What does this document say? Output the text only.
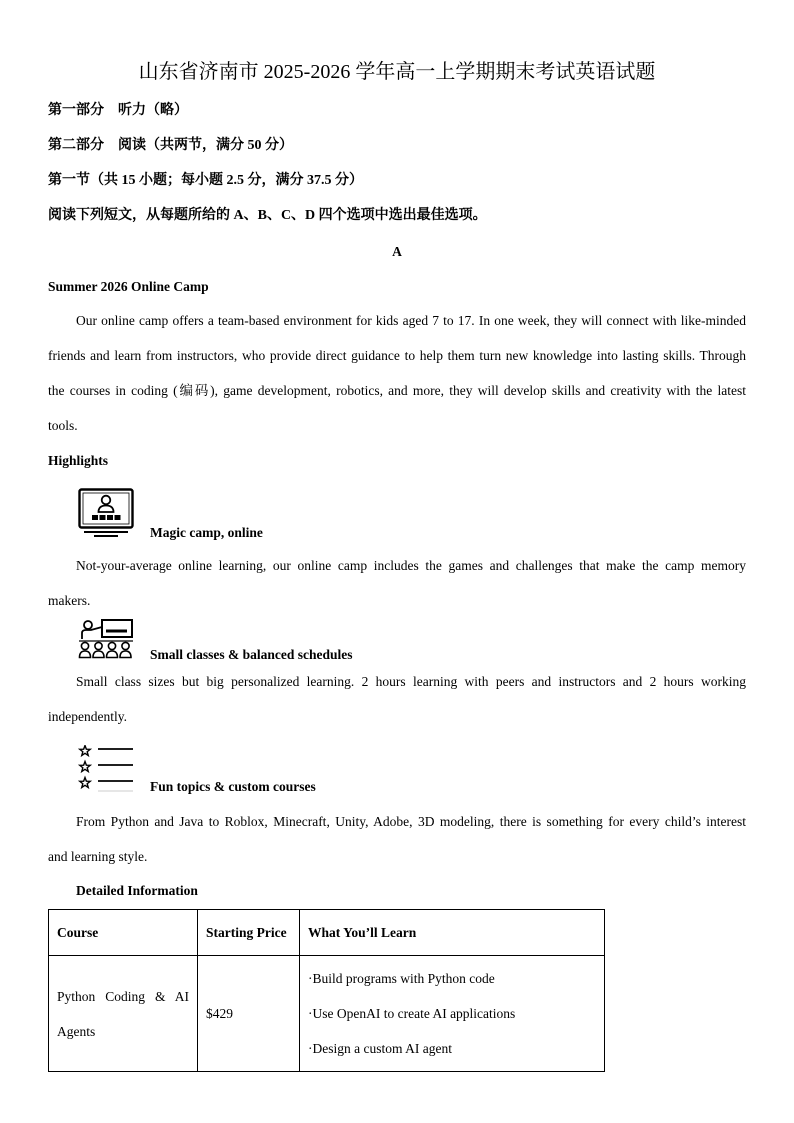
山东省济南市 2025-2026 学年高一上学期期末考试英语试题
第一部分　听力（略）
第二部分　阅读（共两节，满分 50 分）
第一节（共 15 小题；每小题 2.5 分，满分 37.5 分）
阅读下列短文，从每题所给的 A、B、C、D 四个选项中选出最佳选项。
A
Summer 2026 Online Camp
Our online camp offers a team-based environment for kids aged 7 to 17. In one week, they will connect with like-minded
friends and learn from instructors, who provide direct guidance to help them turn new knowledge into lasting skills. Through
the courses in coding (编码), game development, robotics, and more, they will develop skills and creativity with the latest
tools.
Highlights
Magic camp, online
Not-your-average online learning, our online camp includes the games and challenges that make the camp memory
makers.
Small classes & balanced schedules
Small class sizes but big personalized learning. 2 hours learning with peers and instructors and 2 hours working
independently.
Fun topics & custom courses
From Python and Java to Roblox, Minecraft, Unity, Adobe, 3D modeling, there is something for every child’s interest
and learning style.
Detailed Information
Course	Starting Price	What You’ll Learn

Python Coding & AI Agents	$429	·Build programs with Python code
·Use OpenAI to create AI applications
·Design a custom AI agent
